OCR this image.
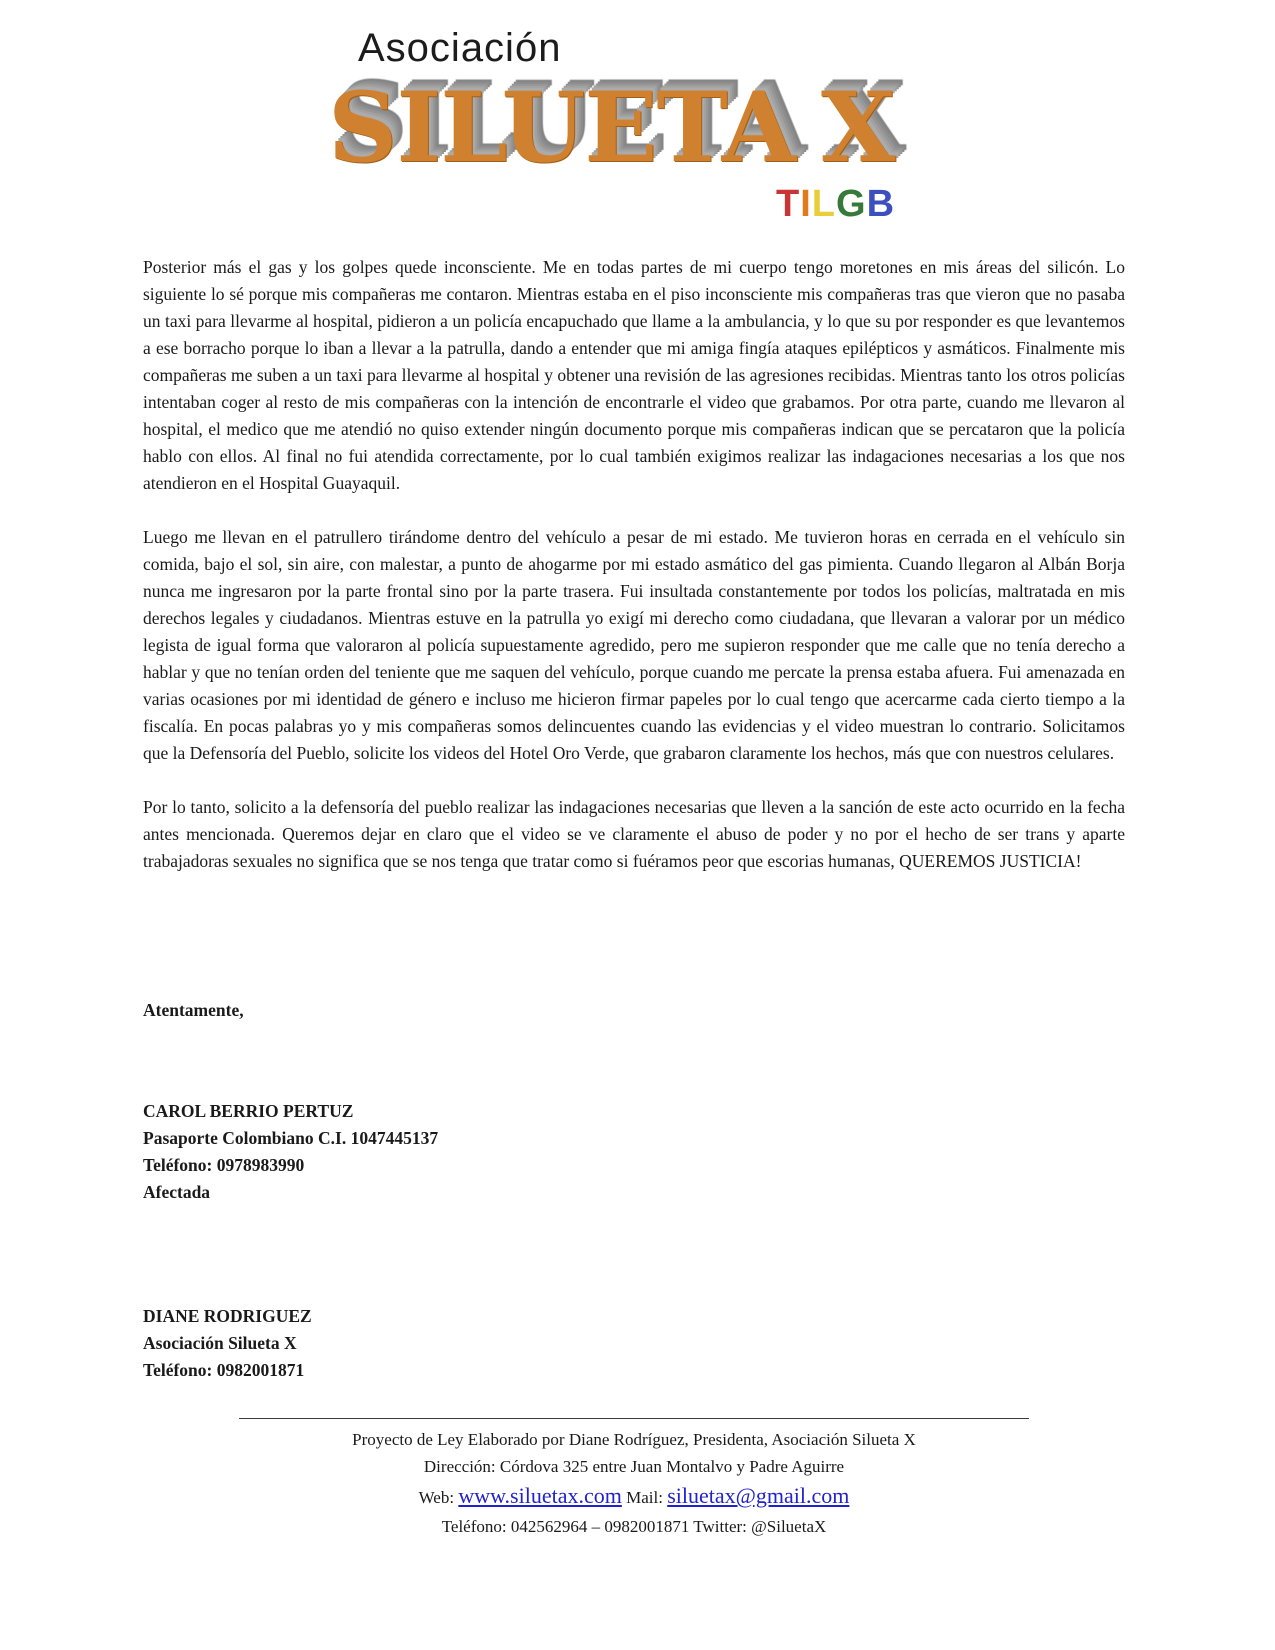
Asociación
SILUETA X
TILGB

Posterior más el gas y los golpes quede inconsciente. Me en todas partes de mi cuerpo tengo moretones en mis áreas del silicón. Lo siguiente lo sé porque mis compañeras me contaron. Mientras estaba en el piso inconsciente mis compañeras tras que vieron que no pasaba un taxi para llevarme al hospital, pidieron a un policía encapuchado que llame a la ambulancia, y lo que su por responder es que levantemos a ese borracho porque lo iban a llevar a la patrulla, dando a entender que mi amiga fingía ataques epilépticos y asmáticos. Finalmente mis compañeras me suben a un taxi para llevarme al hospital y obtener una revisión de las agresiones recibidas. Mientras tanto los otros policías intentaban coger al resto de mis compañeras con la intención de encontrarle el video que grabamos. Por otra parte, cuando me llevaron al hospital, el medico que me atendió no quiso extender ningún documento porque mis compañeras indican que se percataron que la policía hablo con ellos. Al final no fui atendida correctamente, por lo cual también exigimos realizar las indagaciones necesarias a los que nos atendieron en el Hospital Guayaquil.

Luego me llevan en el patrullero tirándome dentro del vehículo a pesar de mi estado. Me tuvieron horas en cerrada en el vehículo sin comida, bajo el sol, sin aire, con malestar, a punto de ahogarme por mi estado asmático del gas pimienta. Cuando llegaron al Albán Borja nunca me ingresaron por la parte frontal sino por la parte trasera. Fui insultada constantemente por todos los policías, maltratada en mis derechos legales y ciudadanos. Mientras estuve en la patrulla yo exigí mi derecho como ciudadana, que llevaran a valorar por un médico legista de igual forma que valoraron al policía supuestamente agredido, pero me supieron responder que me calle que no tenía derecho a hablar y que no tenían orden del teniente que me saquen del vehículo, porque cuando me percate la prensa estaba afuera. Fui amenazada en varias ocasiones por mi identidad de género e incluso me hicieron firmar papeles por lo cual tengo que acercarme cada cierto tiempo a la fiscalía. En pocas palabras yo y mis compañeras somos delincuentes cuando las evidencias y el video muestran lo contrario. Solicitamos que la Defensoría del Pueblo, solicite los videos del Hotel Oro Verde, que grabaron claramente los hechos, más que con nuestros celulares.

Por lo tanto, solicito a la defensoría del pueblo realizar las indagaciones necesarias que lleven a la sanción de este acto ocurrido en la fecha antes mencionada. Queremos dejar en claro que el video se ve claramente el abuso de poder y no por el hecho de ser trans y aparte trabajadoras sexuales no significa que se nos tenga que tratar como si fuéramos peor que escorias humanas, QUEREMOS JUSTICIA!

Atentamente,
CAROL BERRIO PERTUZ
Pasaporte Colombiano C.I. 1047445137
Teléfono: 0978983990
Afectada
DIANE RODRIGUEZ
Asociación Silueta X
Teléfono: 0982001871
Proyecto de Ley Elaborado por Diane Rodríguez, Presidenta, Asociación Silueta X
Dirección: Córdova 325 entre Juan Montalvo y Padre Aguirre
Web: www.siluetax.com Mail: siluetax@gmail.com
Teléfono: 042562964 – 0982001871 Twitter: @SiluetaX
